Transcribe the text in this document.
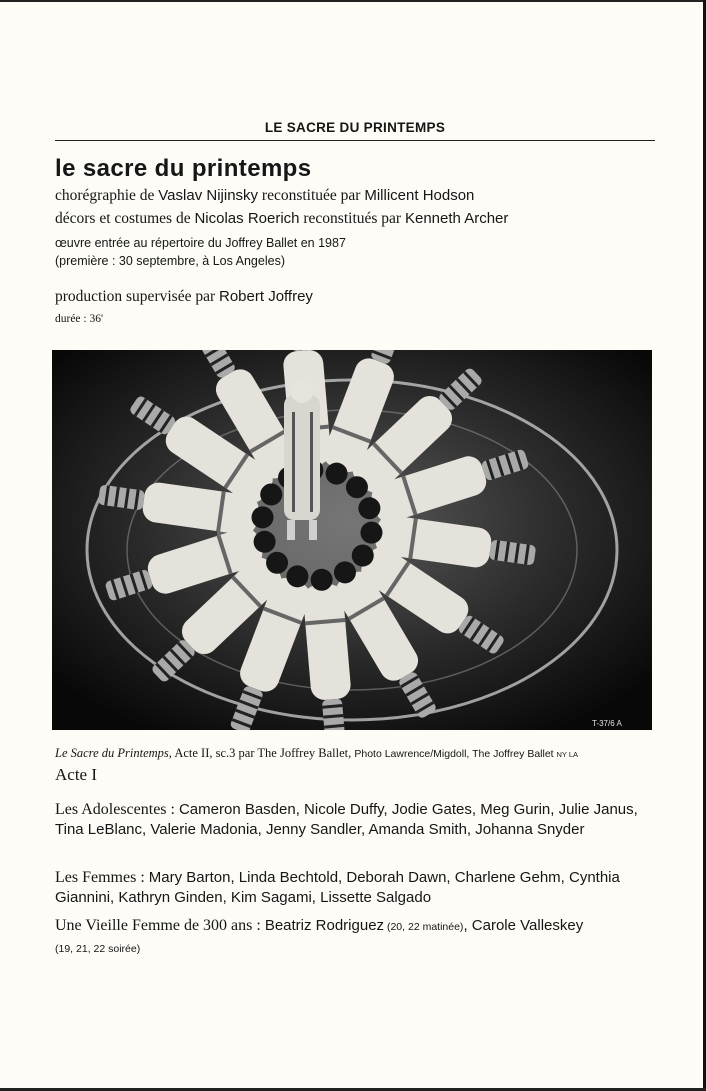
LE SACRE DU PRINTEMPS
le sacre du printemps
chorégraphie de Vaslav Nijinsky reconstituée par Millicent Hodson
décors et costumes de Nicolas Roerich reconstitués par Kenneth Archer
œuvre entrée au répertoire du Joffrey Ballet en 1987
(première : 30 septembre, à Los Angeles)
production supervisée par Robert Joffrey
durée : 36'
T-37/6 A
Le Sacre du Printemps, Acte II, sc.3 par The Joffrey Ballet, Photo Lawrence/Migdoll, The Joffrey Ballet NY LA
Acte I
Les Adolescentes : Cameron Basden, Nicole Duffy, Jodie Gates, Meg Gurin, Julie Janus, Tina LeBlanc, Valerie Madonia, Jenny Sandler, Amanda Smith, Johanna Snyder
Les Femmes : Mary Barton, Linda Bechtold, Deborah Dawn, Charlene Gehm, Cynthia Giannini, Kathryn Ginden, Kim Sagami, Lissette Salgado
Une Vieille Femme de 300 ans : Beatriz Rodriguez (20, 22 matinée), Carole Valleskey
(19, 21, 22 soirée)
